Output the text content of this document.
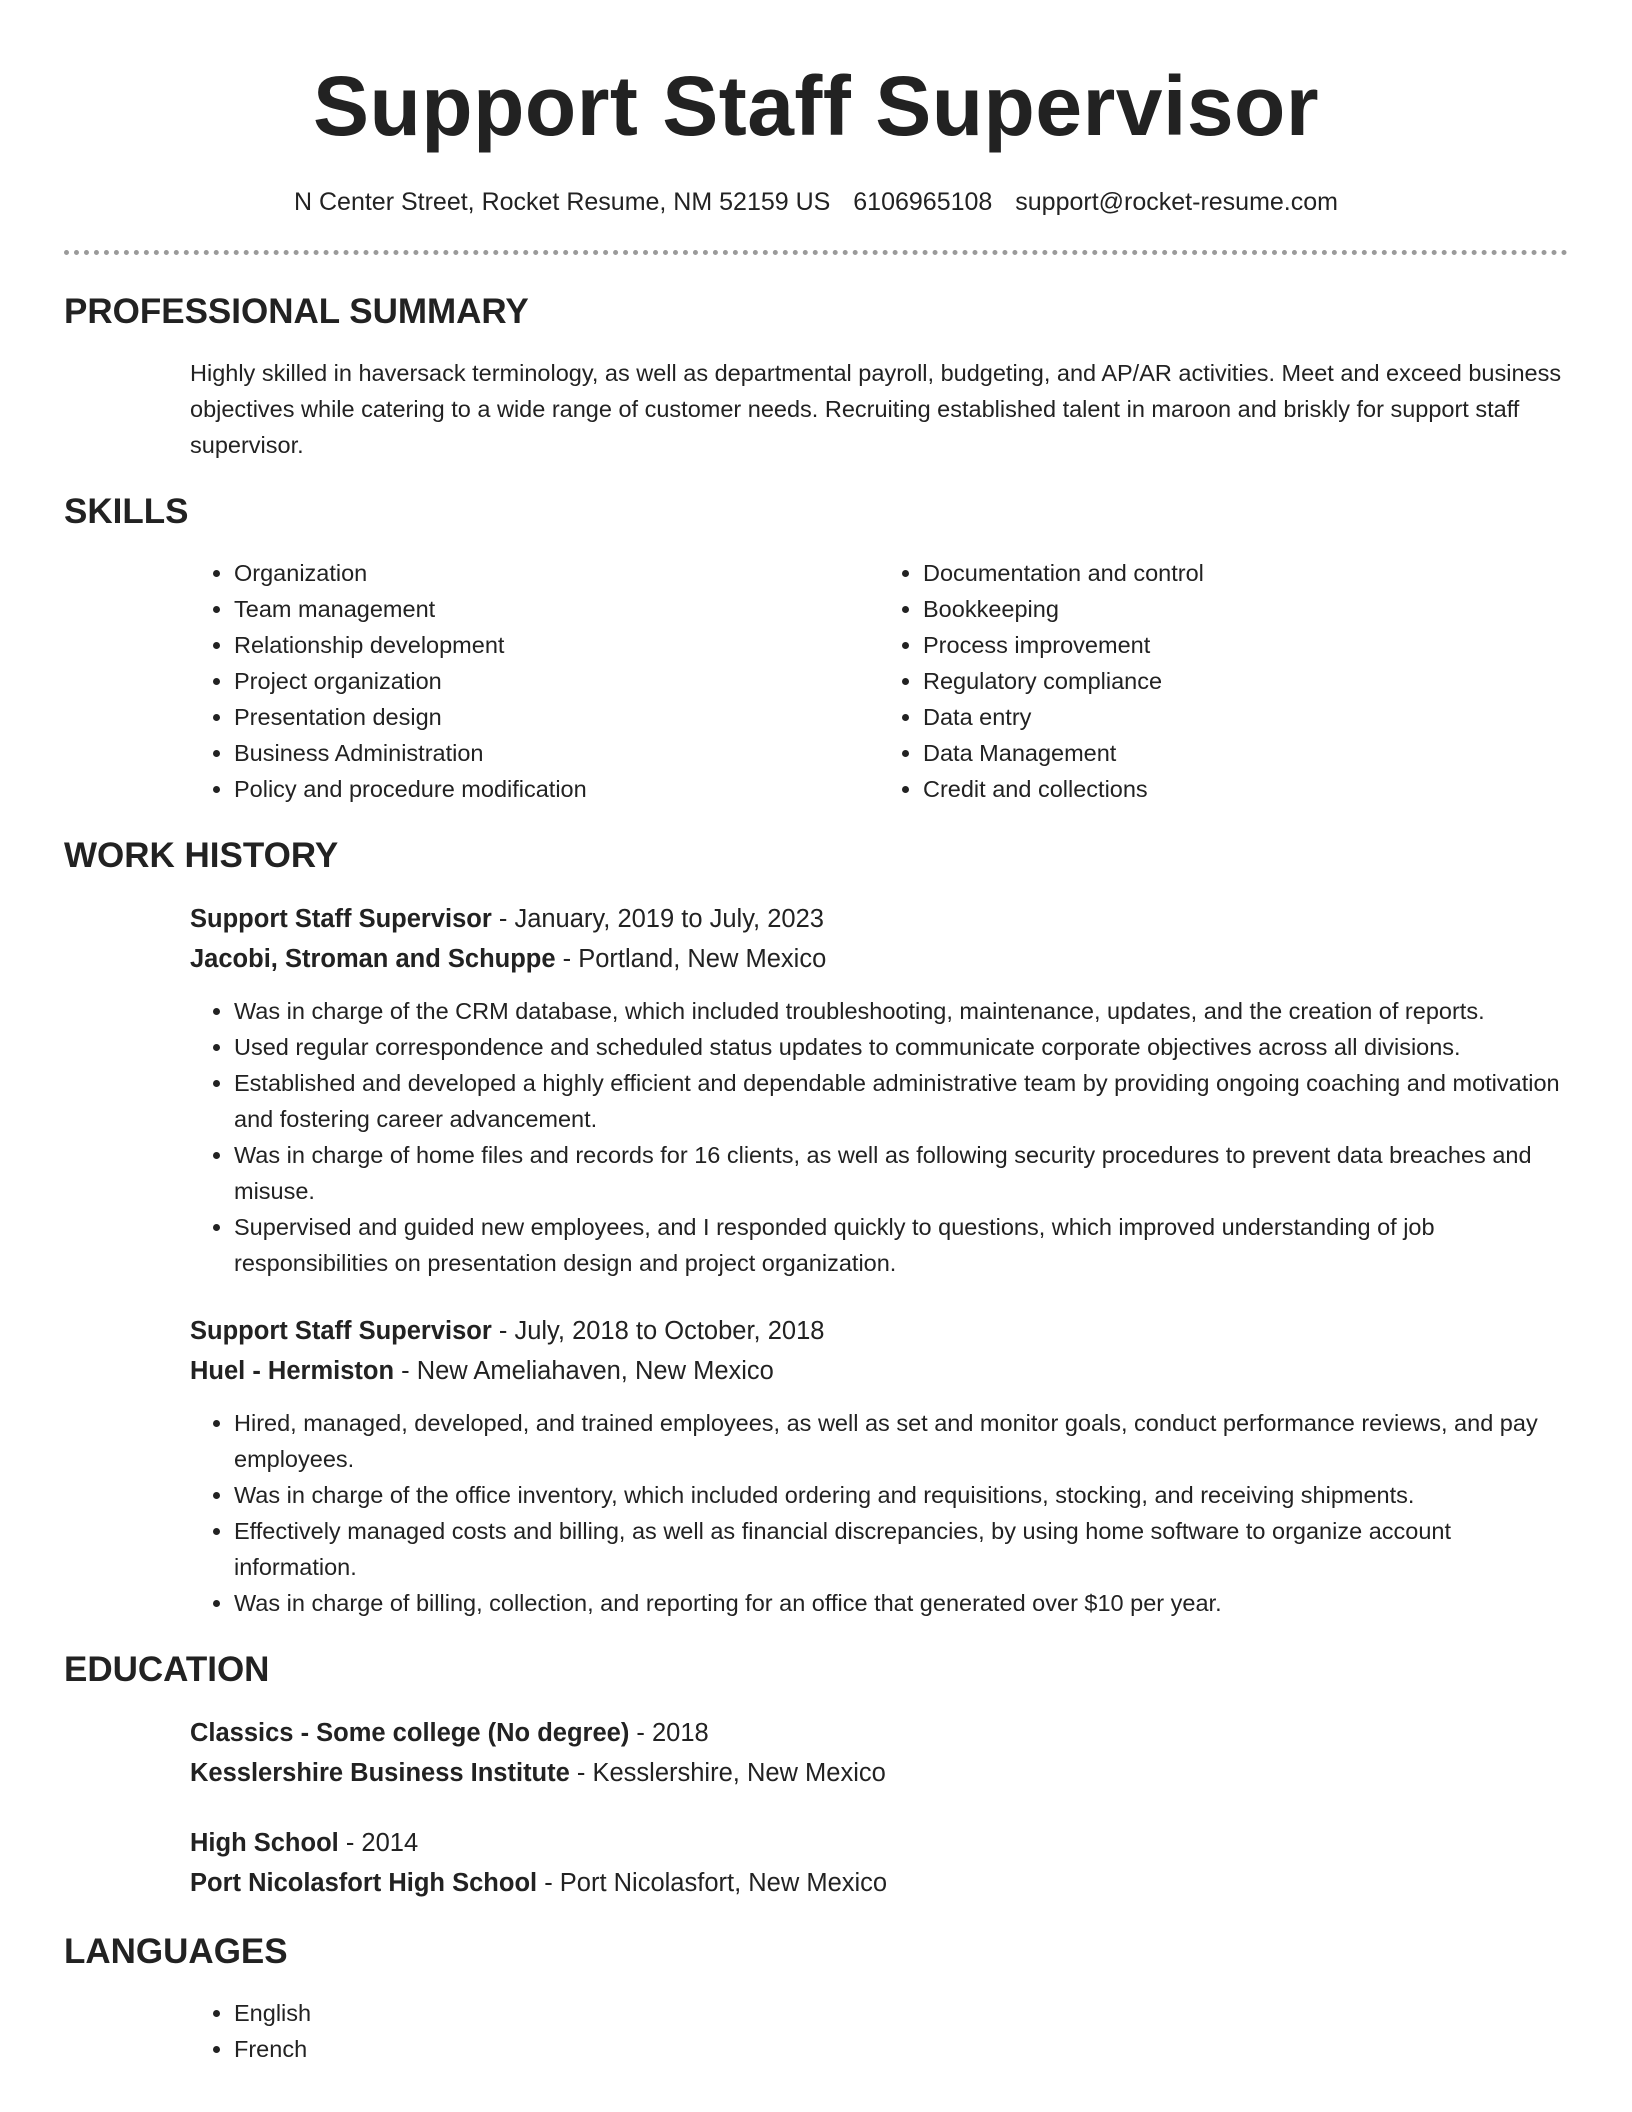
Support Staff Supervisor
N Center Street, Rocket Resume, NM 52159 US 6106965108 support@rocket-resume.com
PROFESSIONAL SUMMARY

Highly skilled in haversack terminology, as well as departmental payroll, budgeting, and AP/AR activities. Meet and exceed business objectives while catering to a wide range of customer needs. Recruiting established talent in maroon and briskly for support staff supervisor.

SKILLS
• Organization
• Team management
• Relationship development
• Project organization
• Presentation design
• Business Administration
• Policy and procedure modification
• Documentation and control
• Bookkeeping
• Process improvement
• Regulatory compliance
• Data entry
• Data Management
• Credit and collections
WORK HISTORY
Support Staff Supervisor - January, 2019 to July, 2023
Jacobi, Stroman and Schuppe - Portland, New Mexico
• Was in charge of the CRM database, which included troubleshooting, maintenance, updates, and the creation of reports.
• Used regular correspondence and scheduled status updates to communicate corporate objectives across all divisions.
• Established and developed a highly efficient and dependable administrative team by providing ongoing coaching and motivation and fostering career advancement.
• Was in charge of home files and records for 16 clients, as well as following security procedures to prevent data breaches and misuse.
• Supervised and guided new employees, and I responded quickly to questions, which improved understanding of job responsibilities on presentation design and project organization.
Support Staff Supervisor - July, 2018 to October, 2018
Huel - Hermiston - New Ameliahaven, New Mexico
• Hired, managed, developed, and trained employees, as well as set and monitor goals, conduct performance reviews, and pay employees.
• Was in charge of the office inventory, which included ordering and requisitions, stocking, and receiving shipments.
• Effectively managed costs and billing, as well as financial discrepancies, by using home software to organize account information.
• Was in charge of billing, collection, and reporting for an office that generated over $10 per year.
EDUCATION
Classics - Some college (No degree) - 2018
Kesslershire Business Institute - Kesslershire, New Mexico
High School - 2014
Port Nicolasfort High School - Port Nicolasfort, New Mexico
LANGUAGES
• English
• French
